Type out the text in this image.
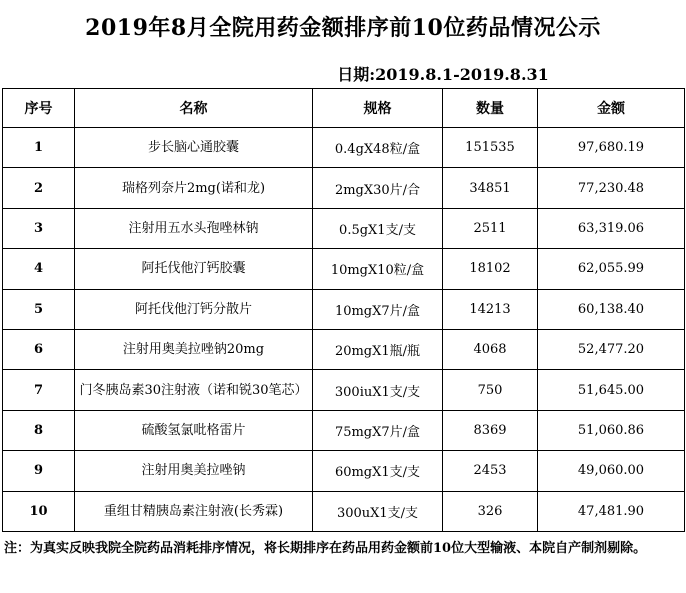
2019年8月全院用药金额排序前10位药品情况公示
日期:2019.8.1-2019.8.31
序号	名称	规格	数量	金额
1	步长脑心通胶囊	0.4gX48粒/盒	151535	97,680.19
2	瑞格列奈片2mg(诺和龙)	2mgX30片/合	34851	77,230.48
3	注射用五水头孢唑林钠	0.5gX1支/支	2511	63,319.06
4	阿托伐他汀钙胶囊	10mgX10粒/盒	18102	62,055.99
5	阿托伐他汀钙分散片	10mgX7片/盒	14213	60,138.40
6	注射用奥美拉唑钠20mg	20mgX1瓶/瓶	4068	52,477.20
7	门冬胰岛素30注射液（诺和锐30笔芯）	300iuX1支/支	750	51,645.00
8	硫酸氢氯吡格雷片	75mgX7片/盒	8369	51,060.86
9	注射用奥美拉唑钠	60mgX1支/支	2453	49,060.00
10	重组甘精胰岛素注射液(长秀霖)	300uX1支/支	326	47,481.90
注：为真实反映我院全院药品消耗排序情况，将长期排序在药品用药金额前10位大型输液、本院自产制剂剔除。
